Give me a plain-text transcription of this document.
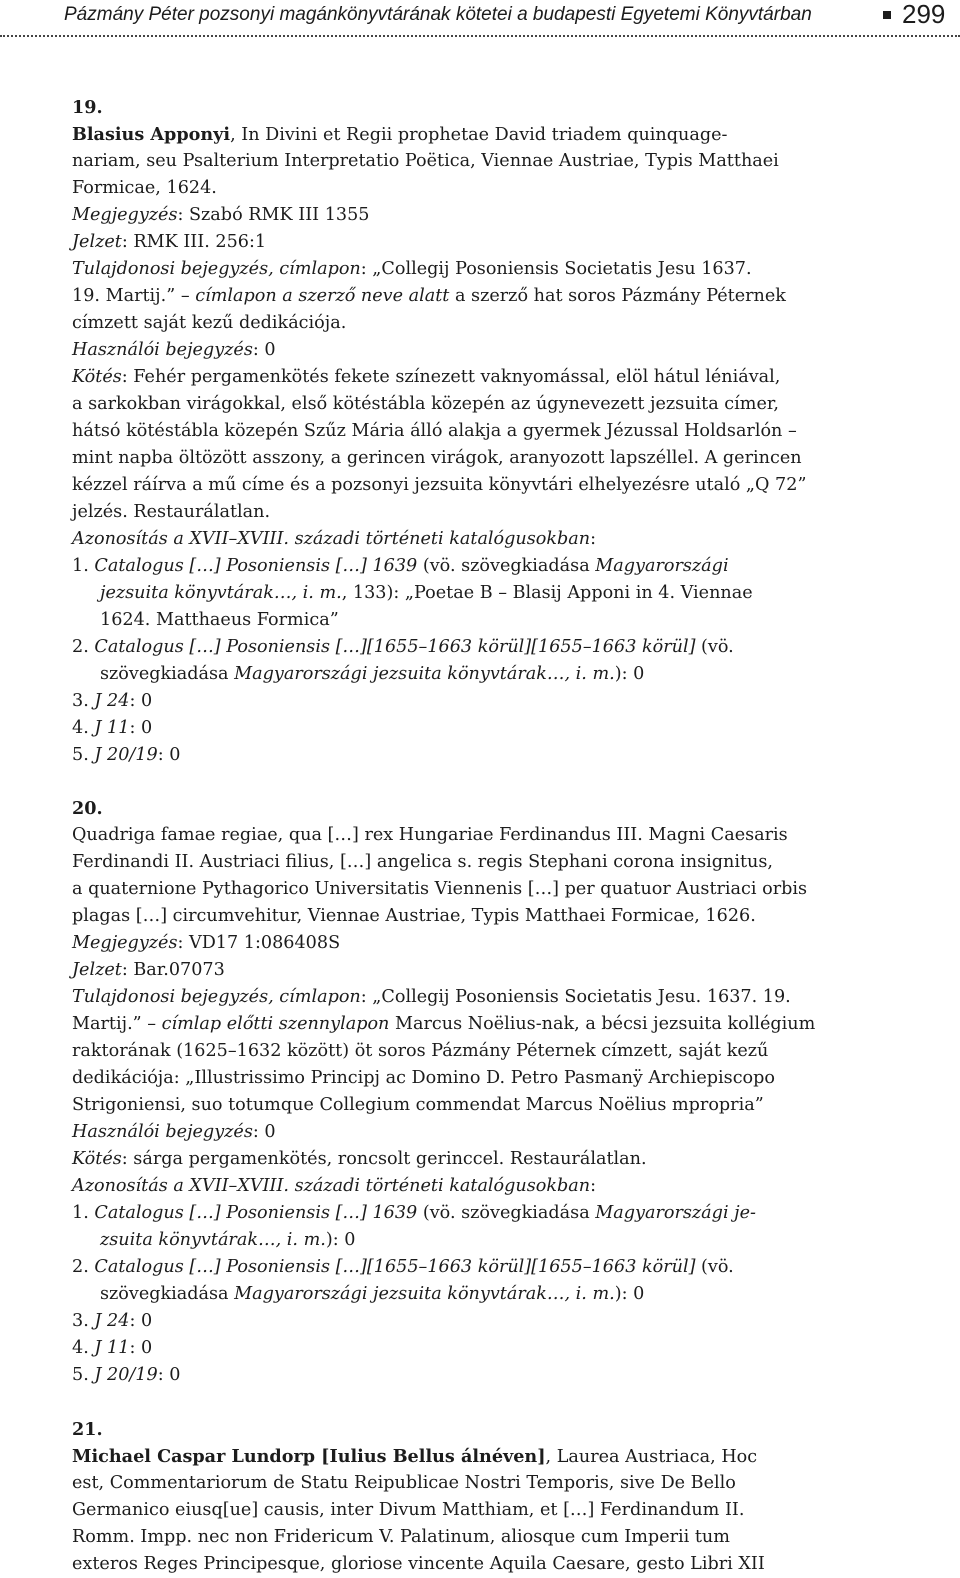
Pázmány Péter pozsonyi magánkönyvtárának kötetei a budapesti Egyetemi Könyvtárban	299
19.
Blasius Apponyi, In Divini et Regii prophetae David triadem quinquage-
nariam, seu Psalterium Interpretatio Poëtica, Viennae Austriae, Typis Matthaei
Formicae, 1624.
Megjegyzés: Szabó RMK III 1355
Jelzet: RMK III. 256:1
Tulajdonosi bejegyzés, címlapon: „Collegij Posoniensis Societatis Jesu 1637.
19. Martij.” – címlapon a szerző neve alatt a szerző hat soros Pázmány Péternek
címzett saját kezű dedikációja.
Használói bejegyzés: 0
Kötés: Fehér pergamenkötés fekete színezett vaknyomással, elöl hátul léniával,
a sarkokban virágokkal, első kötéstábla közepén az úgynevezett jezsuita címer,
hátsó kötéstábla közepén Szűz Mária álló alakja a gyermek Jézussal Holdsarlón –
mint napba öltözött asszony, a gerincen virágok, aranyozott lapszéllel. A gerincen
kézzel ráírva a mű címe és a pozsonyi jezsuita könyvtári elhelyezésre utaló „Q 72”
jelzés. Restaurálatlan.
Azonosítás a XVII–XVIII. századi történeti katalógusokban:
1. Catalogus […] Posoniensis […] 1639 (vö. szövegkiadása Magyarországi
jezsuita könyvtárak…, i. m., 133): „Poetae B – Blasij Apponi in 4. Viennae
1624. Matthaeus Formica”
2. Catalogus […] Posoniensis […][1655–1663 körül][1655–1663 körül] (vö.
szövegkiadása Magyarországi jezsuita könyvtárak…, i. m.): 0
3. J 24: 0
4. J 11: 0
5. J 20/19: 0
20.
Quadriga famae regiae, qua […] rex Hungariae Ferdinandus III. Magni Caesaris
Ferdinandi II. Austriaci filius, […] angelica s. regis Stephani corona insignitus,
a quaternione Pythagorico Universitatis Viennenis […] per quatuor Austriaci orbis
plagas […] circumvehitur, Viennae Austriae, Typis Matthaei Formicae, 1626.
Megjegyzés: VD17 1:086408S
Jelzet: Bar.07073
Tulajdonosi bejegyzés, címlapon: „Collegij Posoniensis Societatis Jesu. 1637. 19.
Martij.” – címlap előtti szennylapon Marcus Noëlius-nak, a bécsi jezsuita kollégium
raktorának (1625–1632 között) öt soros Pázmány Péternek címzett, saját kezű
dedikációja: „Illustrissimo Principj ac Domino D. Petro Pasmanÿ Archiepiscopo
Strigoniensi, suo totumque Collegium commendat Marcus Noëlius mpropria”
Használói bejegyzés: 0
Kötés: sárga pergamenkötés, roncsolt gerinccel. Restaurálatlan.
Azonosítás a XVII–XVIII. századi történeti katalógusokban:
1. Catalogus […] Posoniensis […] 1639 (vö. szövegkiadása Magyarországi je-
zsuita könyvtárak…, i. m.): 0
2. Catalogus […] Posoniensis […][1655–1663 körül][1655–1663 körül] (vö.
szövegkiadása Magyarországi jezsuita könyvtárak…, i. m.): 0
3. J 24: 0
4. J 11: 0
5. J 20/19: 0
21.
Michael Caspar Lundorp [Iulius Bellus álnéven], Laurea Austriaca, Hoc
est, Commentariorum de Statu Reipublicae Nostri Temporis, sive De Bello
Germanico eiusq[ue] causis, inter Divum Matthiam, et […] Ferdinandum II.
Romm. Impp. nec non Fridericum V. Palatinum, aliosque cum Imperii tum
exteros Reges Principesque, gloriose vincente Aquila Caesare, gesto Libri XII
